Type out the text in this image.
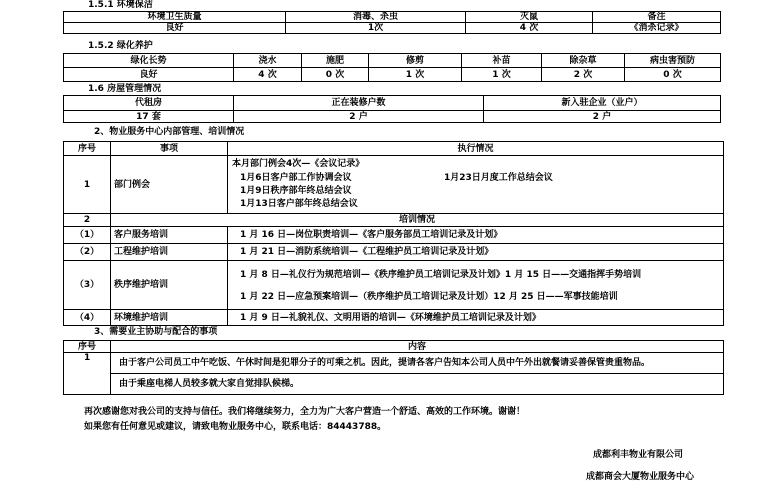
1.5.1 环境保洁
环境卫生质量	消毒、杀虫	灭鼠	备注
良好	1次	4 次	《消杀记录》
1.5.2 绿化养护
绿化长势	浇水	施肥	修剪	补苗	除杂草	病虫害预防
良好	4 次	0 次	1 次	1 次	2 次	0 次
1.6 房屋管理情况
代租房	正在装修户数	新入驻企业（业户）
17 套	2 户	2 户
2、物业服务中心内部管理、培训情况
序号	事项	执行情况
1	部门例会	本月部门例会4次—《会议记录》
1月6日客户部工作协调会议 1月23日月度工作总结会议
1月9日秩序部年终总结会议
1月13日客户部年终总结会议

2	培训情况	
（1）	客户服务培训	1 月 16 日—岗位职责培训—《客户服务部员工培训记录及计划》
（2）	工程维护培训	1 月 21 日—消防系统培训—《工程维护员工培训记录及计划》
（3）	秩序维护培训	1 月 8 日—礼仪行为规范培训—《秩序维护员工培训记录及计划》1 月 15 日——交通指挥手势培训
1 月 22 日—应急预案培训—（秩序维护员工培训记录及计划）12 月 25 日——军事技能培训

（4）	环境维护培训	1 月 9 日—礼貌礼仪、文明用语的培训—《环境维护员工培训记录及计划》
3、需要业主协助与配合的事项
序号	内容
1	由于客户公司员工中午吃饭、午休时间是犯罪分子的可乘之机。因此，提请各客户告知本公司人员中午外出就餐请妥善保管贵重物品。
	由于乘座电梯人员较多就大家自觉排队候梯。
再次感谢您对我公司的支持与信任。我们将继续努力，全力为广大客户营造一个舒适、高效的工作环境。谢谢！
如果您有任何意见或建议，请致电物业服务中心，联系电话：84443788。
成都利丰物业有限公司
成都商会大厦物业服务中心
